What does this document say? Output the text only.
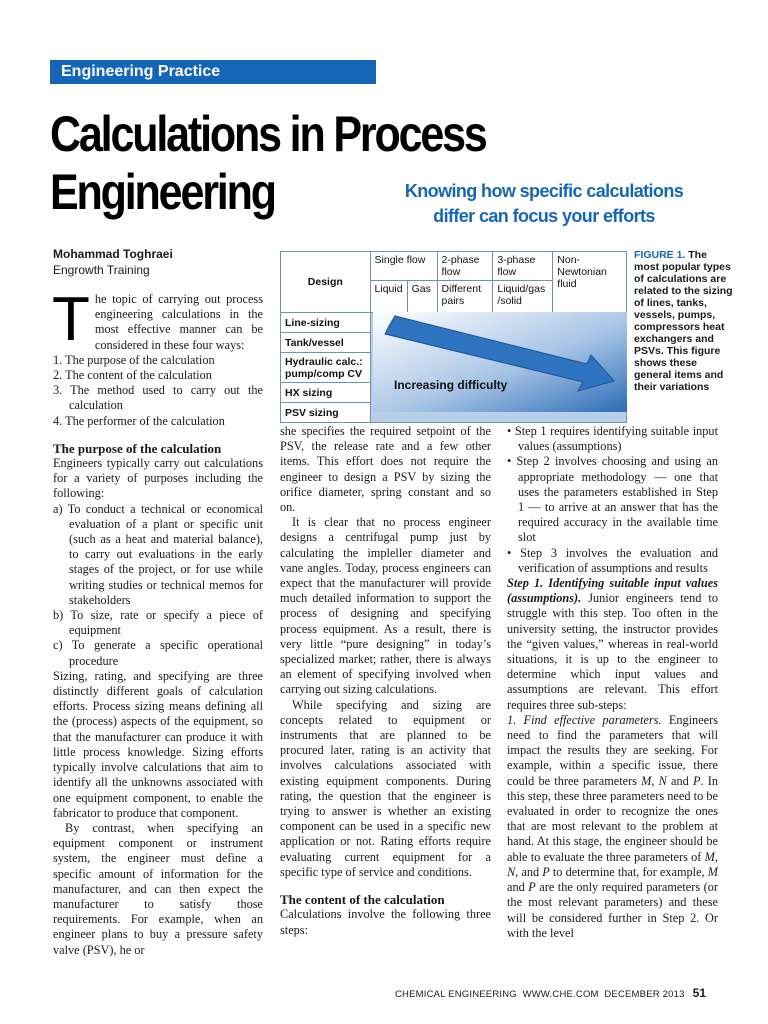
Engineering Practice
Calculations in Process
Engineering	Knowing how specific calculations
differ can focus your efforts
Mohammad Toghraei
Engrowth Training
Design	Single flow		2-phase flow	3-phase flow	Non-Newtonian fluid
	Liquid	Gas	Different pairs	Liquid/gas /solid	
Line-sizing					
Tank/vessel					
Hydraulic calc.: pump/comp CV					
HX sizing					
PSV sizing					
Increasing difficulty
FIGURE 1. The most popular types of calculations are related to the sizing of lines, tanks, vessels, pumps, compressors heat exchangers and PSVs. This figure shows these general items and their variations

The topic of carrying out process engineering calculations in the most effective manner can be considered in these four ways:

1. The purpose of the calculation
2. The content of the calculation
3. The method used to carry out the calculation
4. The performer of the calculation

The purpose of the calculation

Engineers typically carry out calculations for a variety of purposes including the following:

a) To conduct a technical or economical evaluation of a plant or specific unit (such as a heat and material balance), to carry out evaluations in the early stages of the project, or for use while writing studies or technical memos for stakeholders
b) To size, rate or specify a piece of equipment
c) To generate a specific operational procedure

Sizing, rating, and specifying are three distinctly different goals of calculation efforts. Process sizing means defining all the (process) aspects of the equipment, so that the manufacturer can produce it with little process knowledge. Sizing efforts typically involve calculations that aim to identify all the unknowns associated with one equipment component, to enable the fabricator to produce that component.

By contrast, when specifying an equipment component or instrument system, the engineer must define a specific amount of information for the manufacturer, and can then expect the manufacturer to satisfy those requirements. For example, when an engineer plans to buy a pressure safety valve (PSV), he or

she specifies the required setpoint of the PSV, the release rate and a few other items. This effort does not require the engineer to design a PSV by sizing the orifice diameter, spring constant and so on.

It is clear that no process engineer designs a centrifugal pump just by calculating the impleller diameter and vane angles. Today, process engineers can expect that the manufacturer will provide much detailed information to support the process of designing and specifying process equipment. As a result, there is very little “pure designing” in today’s specialized market; rather, there is always an element of specifying involved when carrying out sizing calculations.

While specifying and sizing are concepts related to equipment or instruments that are planned to be procured later, rating is an activity that involves calculations associated with existing equipment components. During rating, the question that the engineer is trying to answer is whether an existing component can be used in a specific new application or not. Rating efforts require evaluating current equipment for a specific type of service and conditions.

The content of the calculation

Calculations involve the following three steps:

• Step 1 requires identifying suitable input values (assumptions)
• Step 2 involves choosing and using an appropriate methodology — one that uses the parameters established in Step 1 — to arrive at an answer that has the required accuracy in the available time slot
• Step 3 involves the evaluation and verification of assumptions and results

Step 1. Identifying suitable input values (assumptions). Junior engineers tend to struggle with this step. Too often in the university setting, the instructor provides the “given values,” whereas in real-world situations, it is up to the engineer to determine which input values and assumptions are relevant. This effort requires three sub-steps:

1. Find effective parameters. Engineers need to find the parameters that will impact the results they are seeking. For example, within a specific issue, there could be three parameters M, N and P. In this step, these three parameters need to be evaluated in order to recognize the ones that are most relevant to the problem at hand. At this stage, the engineer should be able to evaluate the three parameters of M, N, and P to determine that, for example, M and P are the only required parameters (or the most relevant parameters) and these will be considered further in Step 2. Or with the level

CHEMICAL ENGINEERING WWW.CHE.COM DECEMBER 2013 51
